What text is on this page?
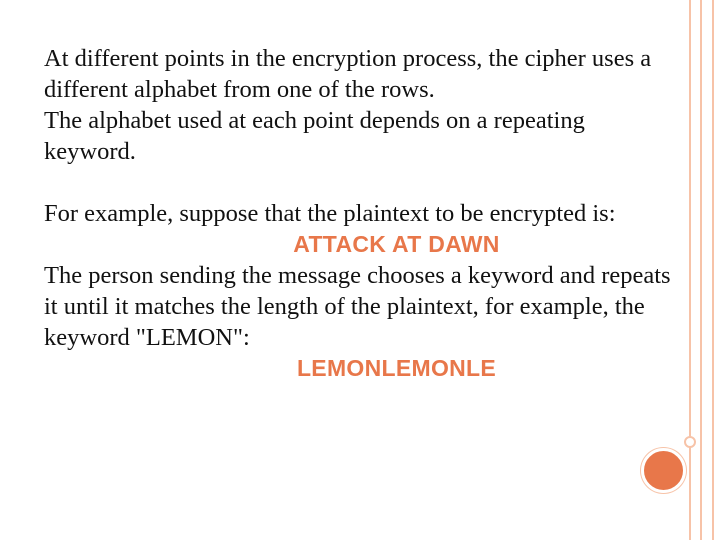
At different points in the encryption process, the cipher uses a different alphabet from one of the rows.

The alphabet used at each point depends on a repeating keyword.

For example, suppose that the plaintext to be encrypted is:

ATTACK AT DAWN

The person sending the message chooses a keyword and repeats it until it matches the length of the plaintext, for example, the keyword "LEMON":

LEMONLEMONLE
